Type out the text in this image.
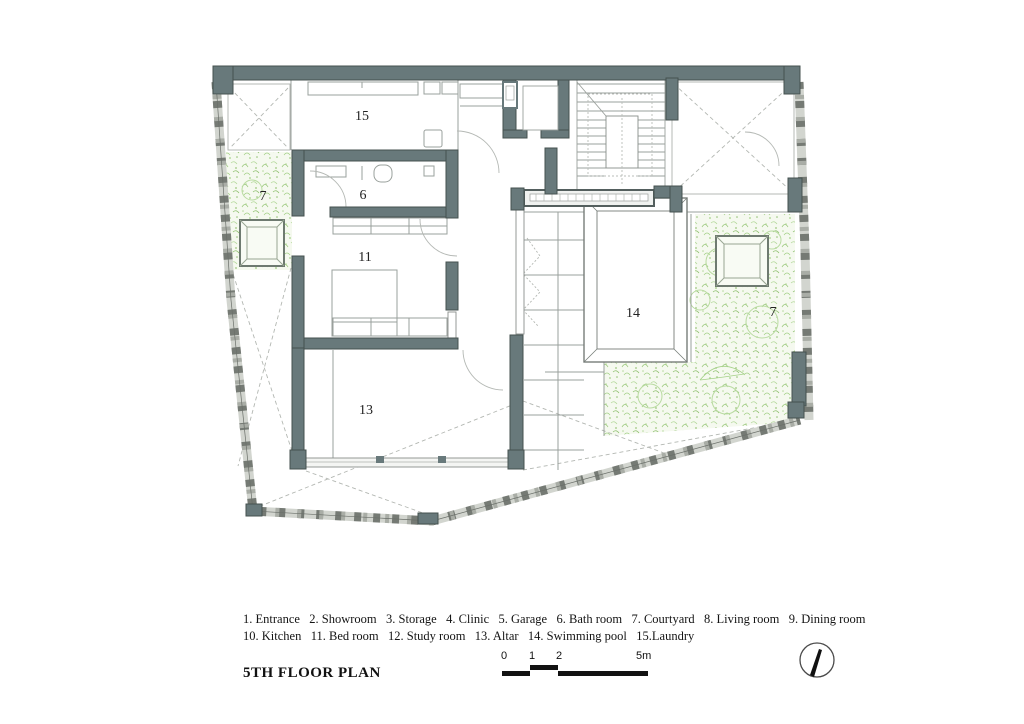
15
6
7
11
13
14	7
1. Entrance   2. Showroom   3. Storage   4. Clinic   5. Garage   6. Bath room   7. Courtyard   8. Living room   9. Dining room
10. Kitchen   11. Bed room   12. Study room   13. Altar   14. Swimming pool   15.Laundry
5TH FLOOR PLAN
0 1 2	5m
